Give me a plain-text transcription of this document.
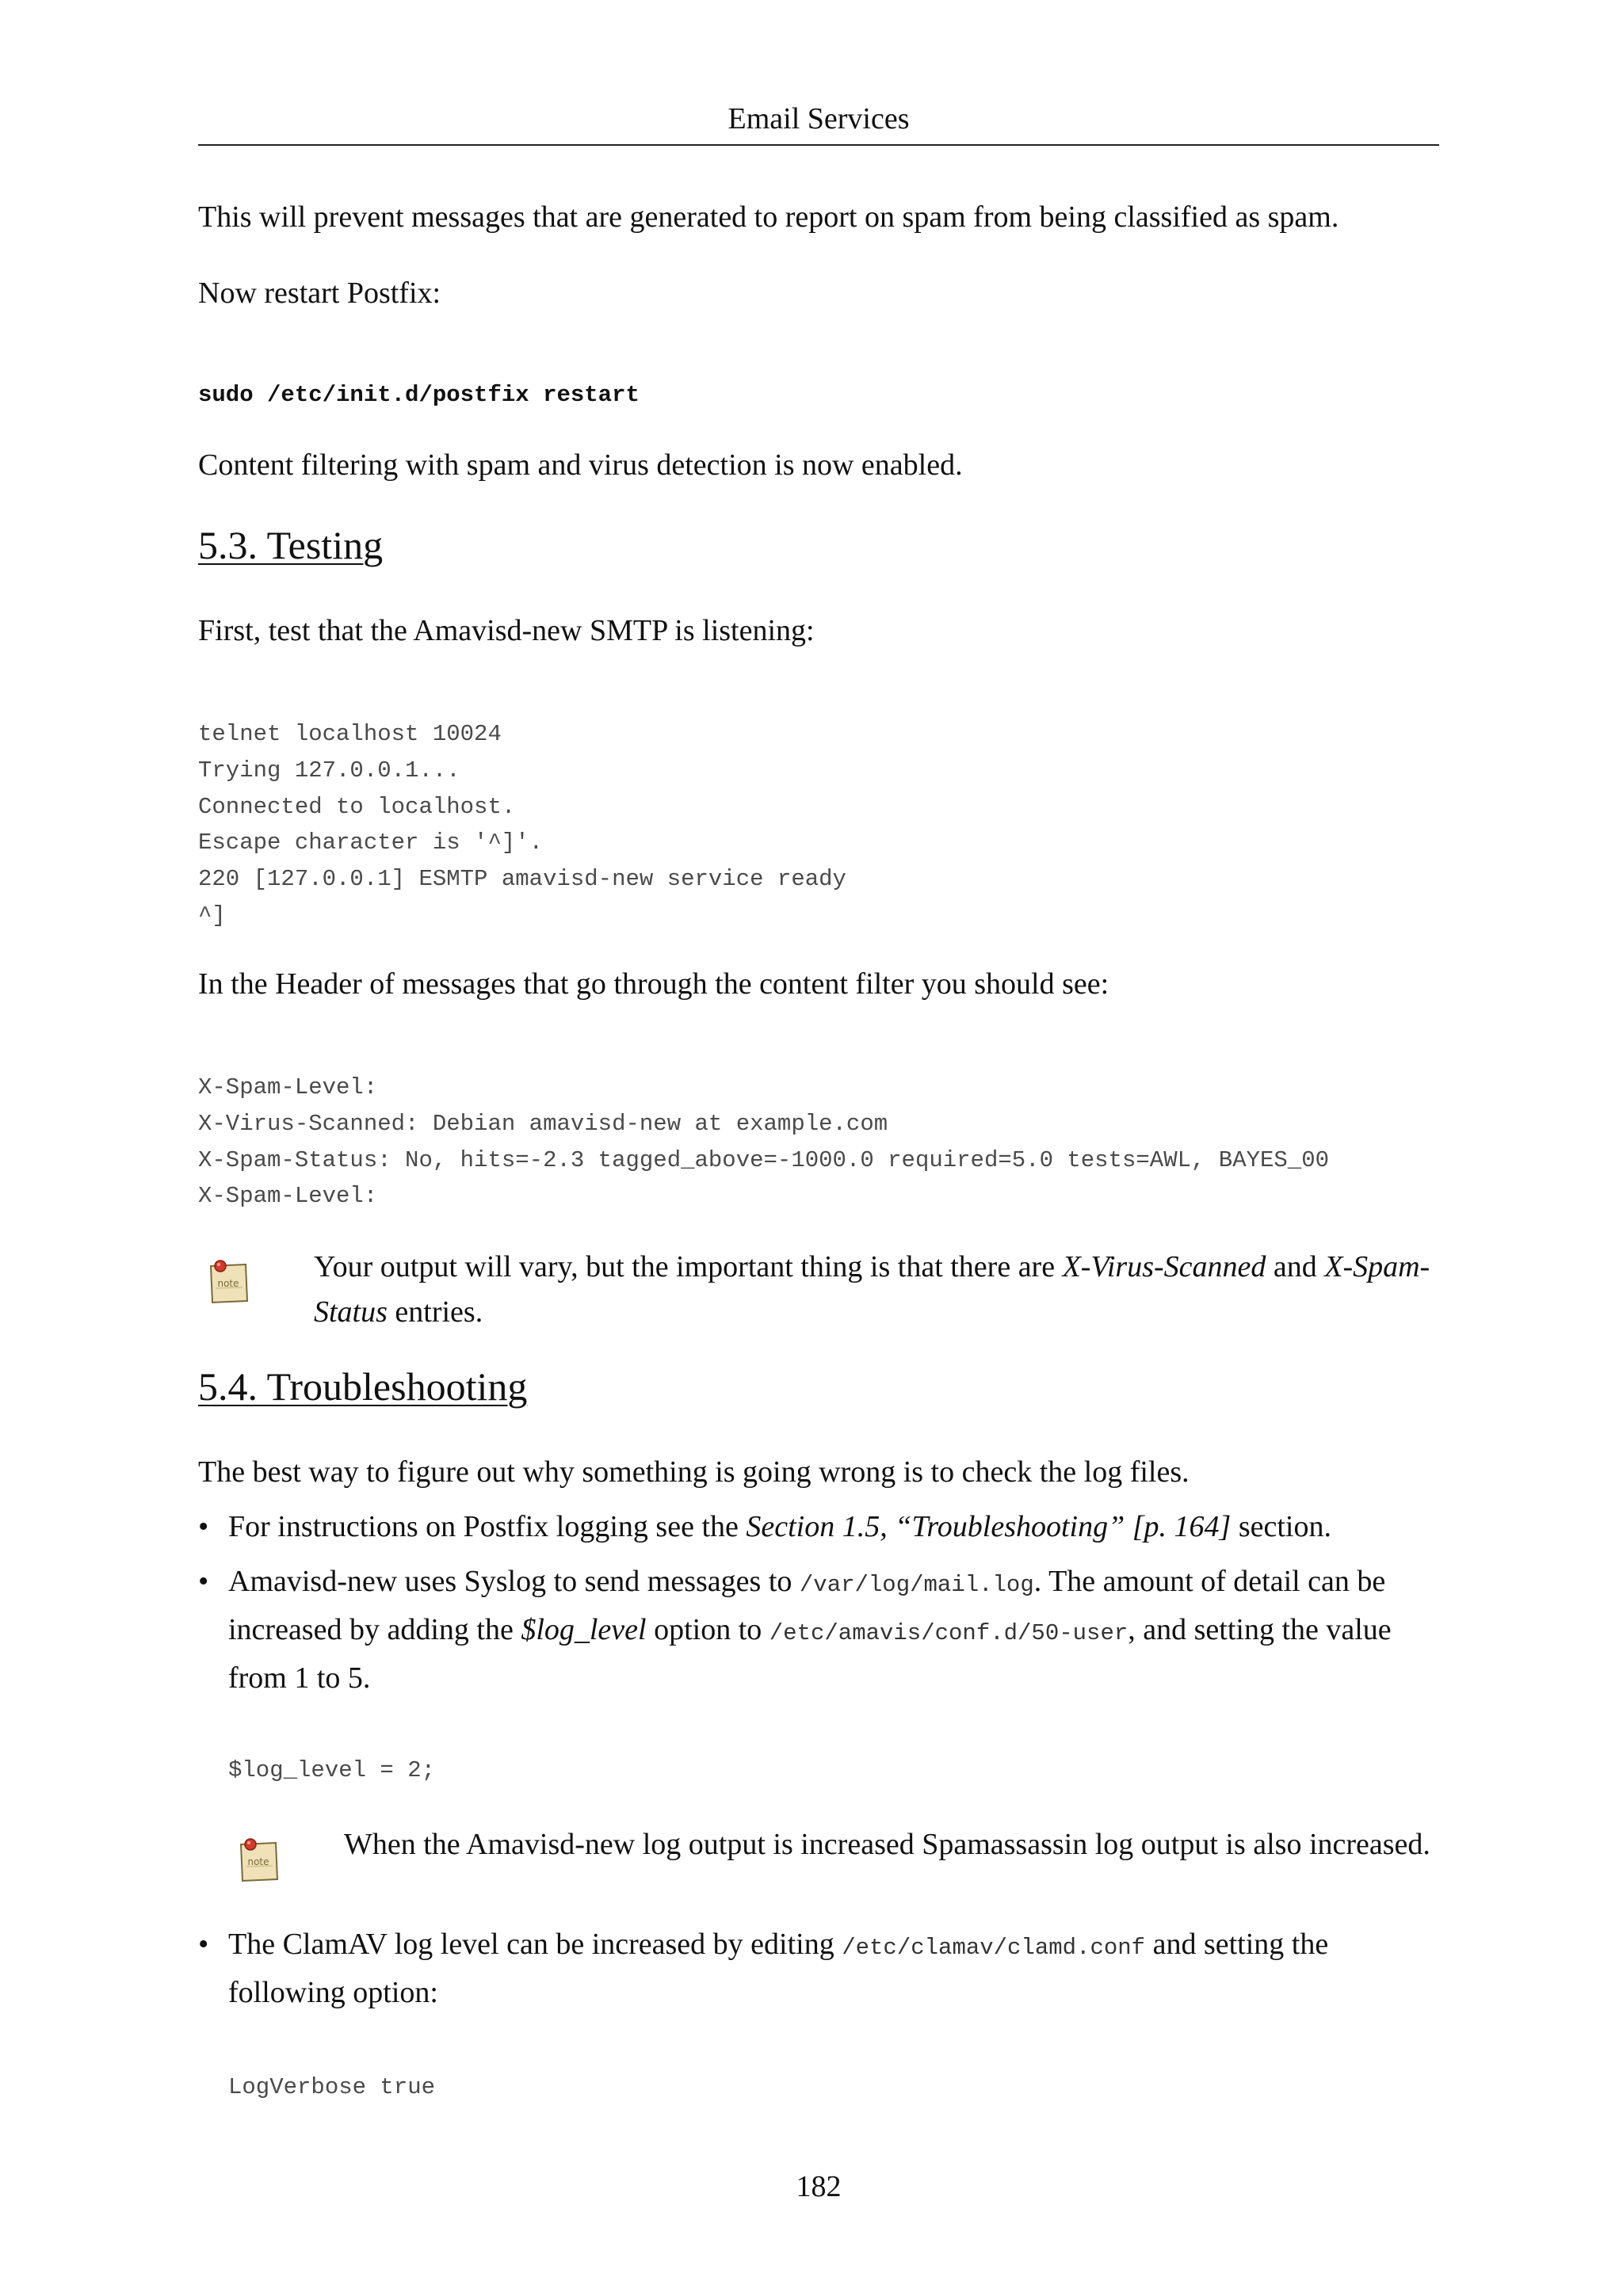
Email Services

This will prevent messages that are generated to report on spam from being classified as spam.

Now restart Postfix:

sudo /etc/init.d/postfix restart

Content filtering with spam and virus detection is now enabled.

5.3. Testing

First, test that the Amavisd-new SMTP is listening:

telnet localhost 10024
Trying 127.0.0.1...
Connected to localhost.
Escape character is '^]'.
220 [127.0.0.1] ESMTP amavisd-new service ready
^]

In the Header of messages that go through the content filter you should see:

X-Spam-Level:
X-Virus-Scanned: Debian amavisd-new at example.com
X-Spam-Status: No, hits=-2.3 tagged_above=-1000.0 required=5.0 tests=AWL, BAYES_00
X-Spam-Level:
note Your output will vary, but the important thing is that there are X-Virus-Scanned and X-Spam-Status entries.

5.4. Troubleshooting

The best way to figure out why something is going wrong is to check the log files.

• For instructions on Postfix logging see the Section 1.5, “Troubleshooting” [p. 164] section.
• Amavisd-new uses Syslog to send messages to /var/log/mail.log. The amount of detail can be increased by adding the $log_level option to /etc/amavis/conf.d/50-user, and setting the value from 1 to 5.
$log_level = 2;
note

When the Amavisd-new log output is increased Spamassassin log output is also increased.

• The ClamAV log level can be increased by editing /etc/clamav/clamd.conf and setting the following option:
LogVerbose true
182
